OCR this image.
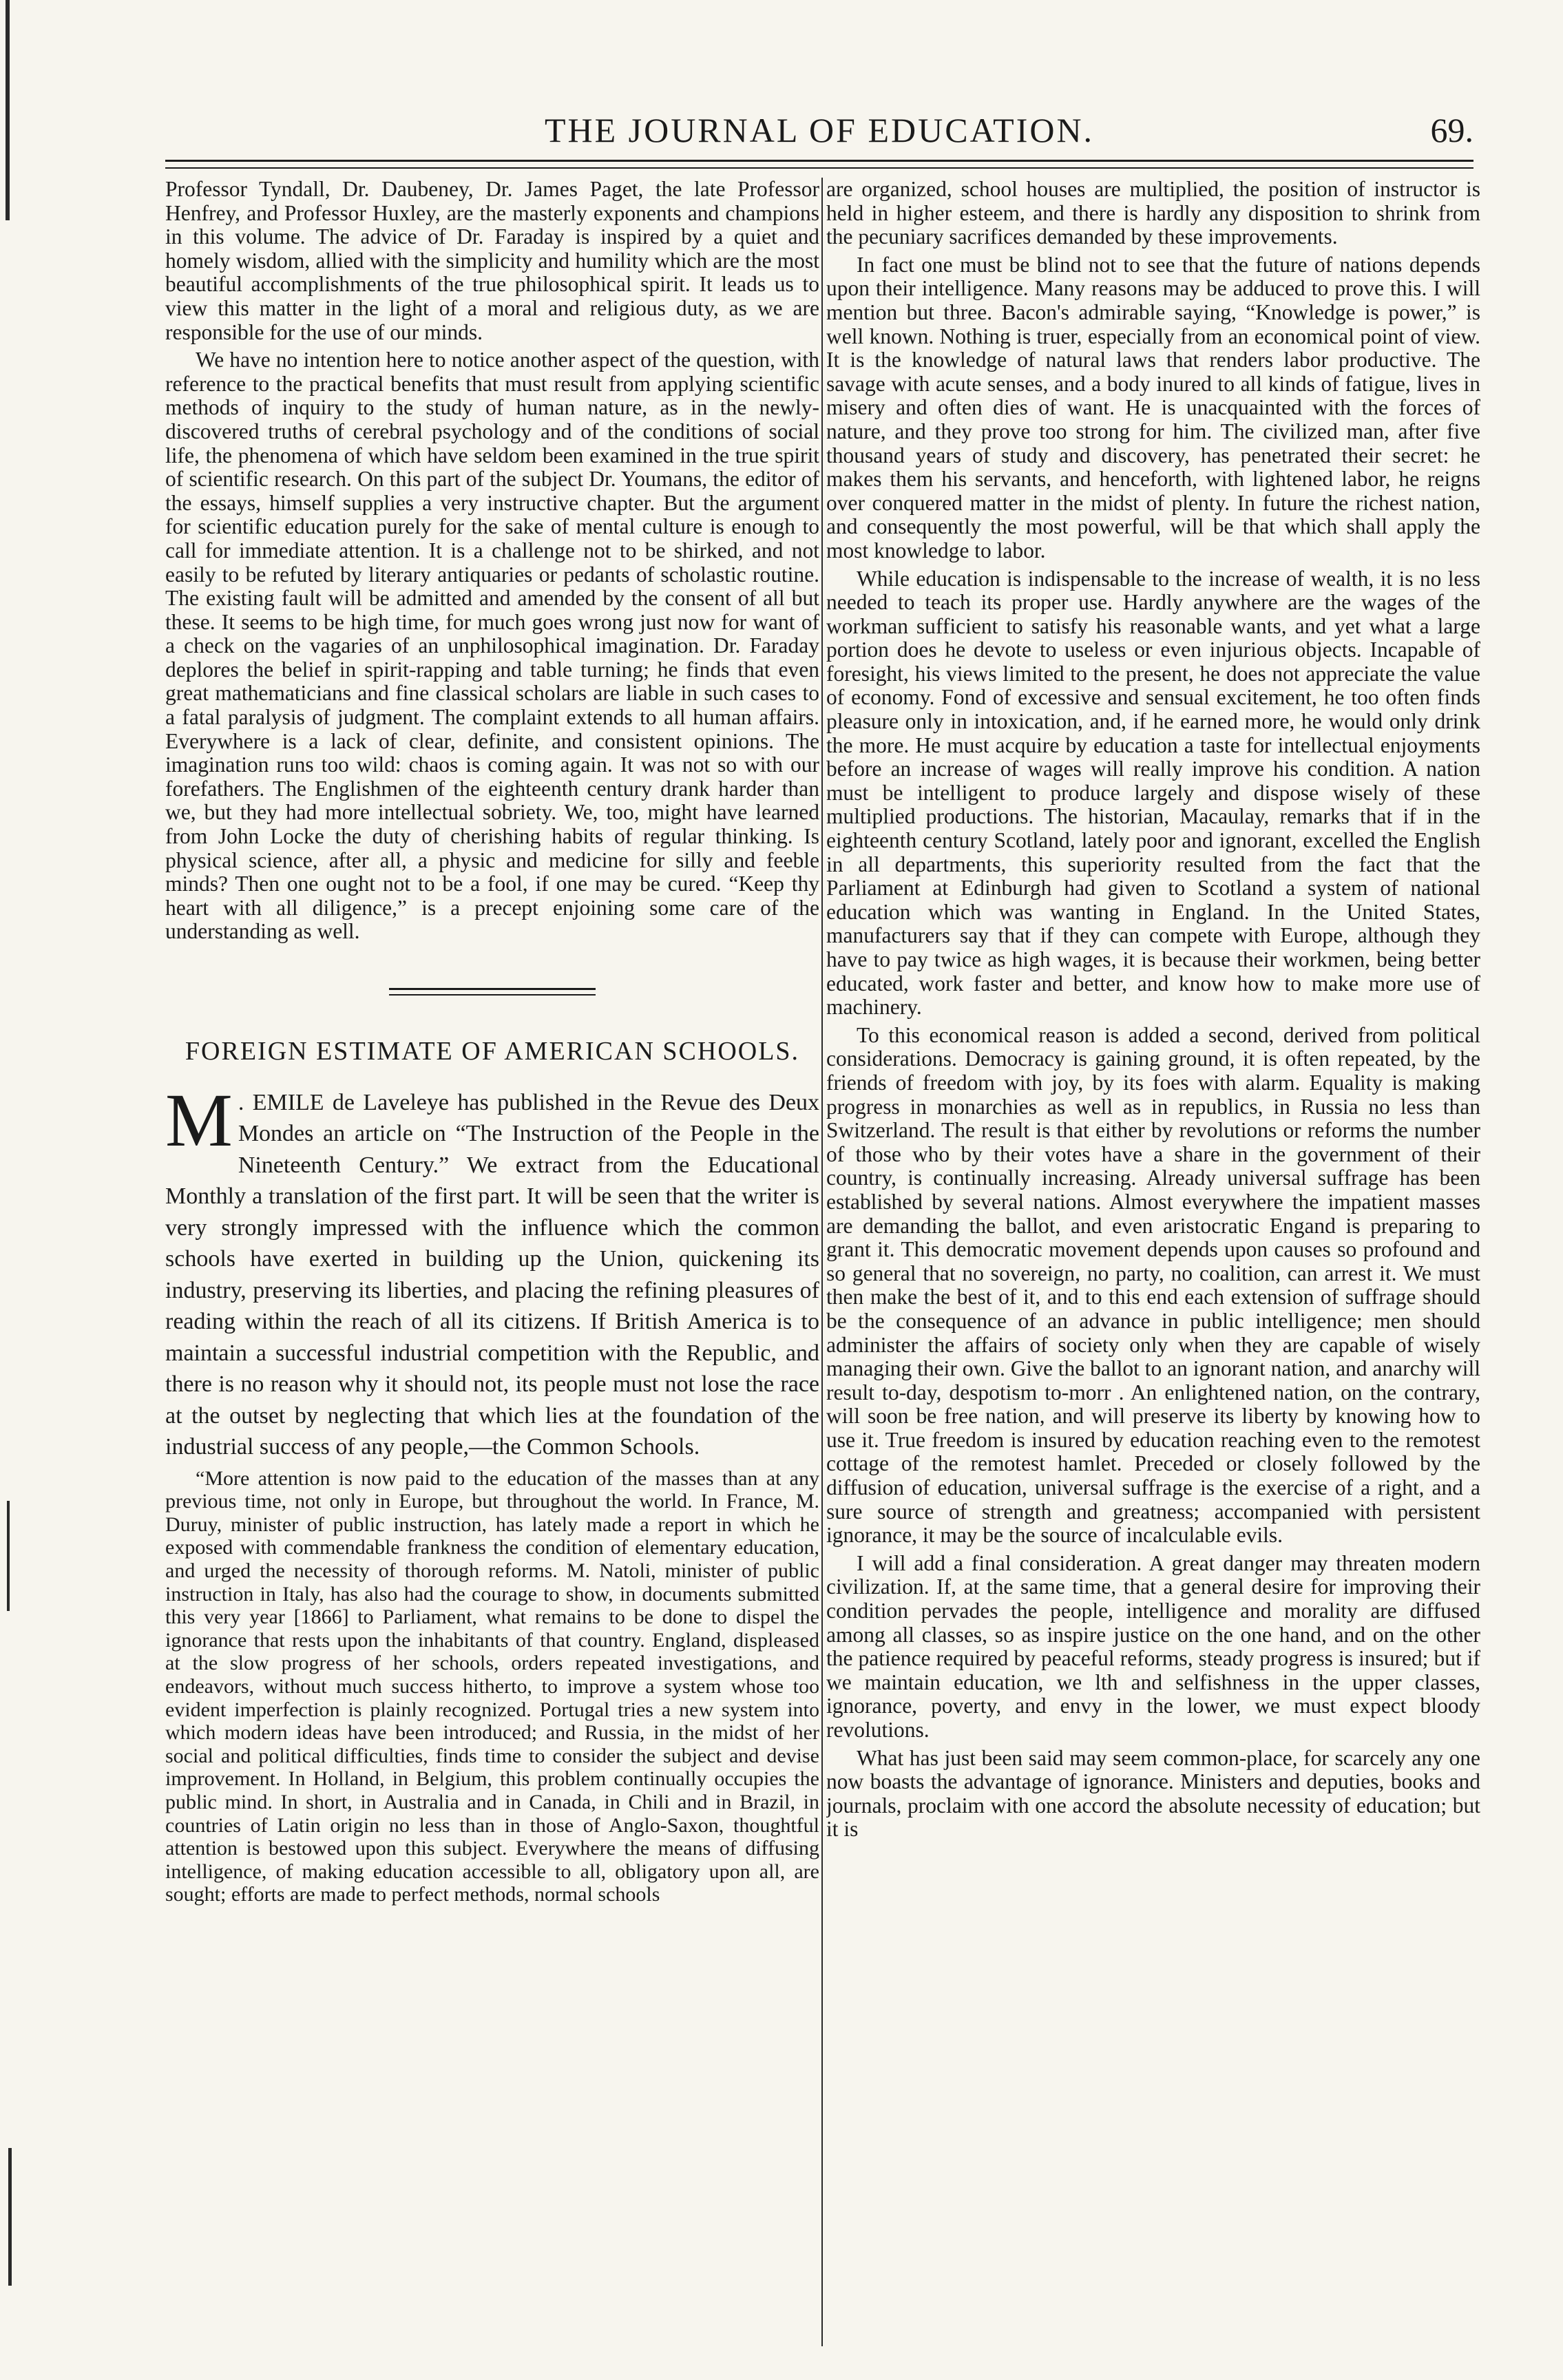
THE JOURNAL OF EDUCATION.	69.

Professor Tyndall, Dr. Daubeney, Dr. James Paget, the late Professor Henfrey, and Professor Huxley, are the masterly exponents and champions in this volume. The advice of Dr. Faraday is inspired by a quiet and homely wisdom, allied with the simplicity and humility which are the most beautiful accomplishments of the true philosophical spirit. It leads us to view this matter in the light of a moral and religious duty, as we are responsible for the use of our minds.

We have no intention here to notice another aspect of the question, with reference to the practical benefits that must result from applying scientific methods of inquiry to the study of human nature, as in the newly-discovered truths of cerebral psychology and of the conditions of social life, the phenomena of which have seldom been examined in the true spirit of scientific research. On this part of the subject Dr. Youmans, the editor of the essays, himself supplies a very instructive chapter. But the argument for scientific education purely for the sake of mental culture is enough to call for immediate attention. It is a challenge not to be shirked, and not easily to be refuted by literary antiquaries or pedants of scholastic routine. The existing fault will be admitted and amended by the consent of all but these. It seems to be high time, for much goes wrong just now for want of a check on the vagaries of an unphilosophical imagination. Dr. Faraday deplores the belief in spirit-rapping and table turning; he finds that even great mathematicians and fine classical scholars are liable in such cases to a fatal paralysis of judgment. The complaint extends to all human affairs. Everywhere is a lack of clear, definite, and consistent opinions. The imagination runs too wild: chaos is coming again. It was not so with our forefathers. The Englishmen of the eighteenth century drank harder than we, but they had more intellectual sobriety. We, too, might have learned from John Locke the duty of cherishing habits of regular thinking. Is physical science, after all, a physic and medicine for silly and feeble minds? Then one ought not to be a fool, if one may be cured. “Keep thy heart with all diligence,” is a precept enjoining some care of the understanding as well.

FOREIGN ESTIMATE OF AMERICAN SCHOOLS.

M . EMILE de Laveleye has published in the Revue des Deux Mondes an article on “The Instruction of the People in the Nineteenth Century.” We extract from the Educational Monthly a translation of the first part. It will be seen that the writer is very strongly impressed with the influence which the common schools have exerted in building up the Union, quickening its industry, preserving its liberties, and placing the refining pleasures of reading within the reach of all its citizens. If British America is to maintain a successful industrial competition with the Republic, and there is no reason why it should not, its people must not lose the race at the outset by neglecting that which lies at the foundation of the industrial success of any people,—the Common Schools.

“More attention is now paid to the education of the masses than at any previous time, not only in Europe, but throughout the world. In France, M. Duruy, minister of public instruction, has lately made a report in which he exposed with commendable frankness the condition of elementary education, and urged the necessity of thorough reforms. M. Natoli, minister of public instruction in Italy, has also had the courage to show, in documents submitted this very year [1866] to Parliament, what remains to be done to dispel the ignorance that rests upon the inhabitants of that country. England, displeased at the slow progress of her schools, orders repeated investigations, and endeavors, without much success hitherto, to improve a system whose too evident imperfection is plainly recognized. Portugal tries a new system into which modern ideas have been introduced; and Russia, in the midst of her social and political difficulties, finds time to consider the subject and devise improvement. In Holland, in Belgium, this problem continually occupies the public mind. In short, in Australia and in Canada, in Chili and in Brazil, in countries of Latin origin no less than in those of Anglo-Saxon, thoughtful attention is bestowed upon this subject. Everywhere the means of diffusing intelligence, of making education accessible to all, obligatory upon all, are sought; efforts are made to perfect methods, normal schools

are organized, school houses are multiplied, the position of instructor is held in higher esteem, and there is hardly any disposition to shrink from the pecuniary sacrifices demanded by these improvements.

In fact one must be blind not to see that the future of nations depends upon their intelligence. Many reasons may be adduced to prove this. I will mention but three. Bacon's admirable saying, “Knowledge is power,” is well known. Nothing is truer, especially from an economical point of view. It is the knowledge of natural laws that renders labor productive. The savage with acute senses, and a body inured to all kinds of fatigue, lives in misery and often dies of want. He is unacquainted with the forces of nature, and they prove too strong for him. The civilized man, after five thousand years of study and discovery, has penetrated their secret: he makes them his servants, and henceforth, with lightened labor, he reigns over conquered matter in the midst of plenty. In future the richest nation, and consequently the most powerful, will be that which shall apply the most knowledge to labor.

While education is indispensable to the increase of wealth, it is no less needed to teach its proper use. Hardly anywhere are the wages of the workman sufficient to satisfy his reasonable wants, and yet what a large portion does he devote to useless or even injurious objects. Incapable of foresight, his views limited to the present, he does not appreciate the value of economy. Fond of excessive and sensual excitement, he too often finds pleasure only in intoxication, and, if he earned more, he would only drink the more. He must acquire by education a taste for intellectual enjoyments before an increase of wages will really improve his condition. A nation must be intelligent to produce largely and dispose wisely of these multiplied productions. The historian, Macaulay, remarks that if in the eighteenth century Scotland, lately poor and ignorant, excelled the English in all departments, this superiority resulted from the fact that the Parliament at Edinburgh had given to Scotland a system of national education which was wanting in England. In the United States, manufacturers say that if they can compete with Europe, although they have to pay twice as high wages, it is because their workmen, being better educated, work faster and better, and know how to make more use of machinery.

To this economical reason is added a second, derived from political considerations. Democracy is gaining ground, it is often repeated, by the friends of freedom with joy, by its foes with alarm. Equality is making progress in monarchies as well as in republics, in Russia no less than Switzerland. The result is that either by revolutions or reforms the number of those who by their votes have a share in the government of their country, is continually increasing. Already universal suffrage has been established by several nations. Almost everywhere the impatient masses are demanding the ballot, and even aristocratic Engand is preparing to grant it. This democratic movement depends upon causes so profound and so general that no sovereign, no party, no coalition, can arrest it. We must then make the best of it, and to this end each extension of suffrage should be the consequence of an advance in public intelligence; men should administer the affairs of society only when they are capable of wisely managing their own. Give the ballot to an ignorant nation, and anarchy will result to-day, despotism to-morr . An enlightened nation, on the contrary, will soon be free nation, and will preserve its liberty by knowing how to use it. True freedom is insured by education reaching even to the remotest cottage of the remotest hamlet. Preceded or closely followed by the diffusion of education, universal suffrage is the exercise of a right, and a sure source of strength and greatness; accompanied with persistent ignorance, it may be the source of incalculable evils.

I will add a final consideration. A great danger may threaten modern civilization. If, at the same time, that a general desire for improving their condition pervades the people, intelligence and morality are diffused among all classes, so as inspire justice on the one hand, and on the other the patience required by peaceful reforms, steady progress is insured; but if we maintain education, we lth and selfishness in the upper classes, ignorance, poverty, and envy in the lower, we must expect bloody revolutions.

What has just been said may seem common-place, for scarcely any one now boasts the advantage of ignorance. Ministers and deputies, books and journals, proclaim with one accord the absolute necessity of education; but it is
